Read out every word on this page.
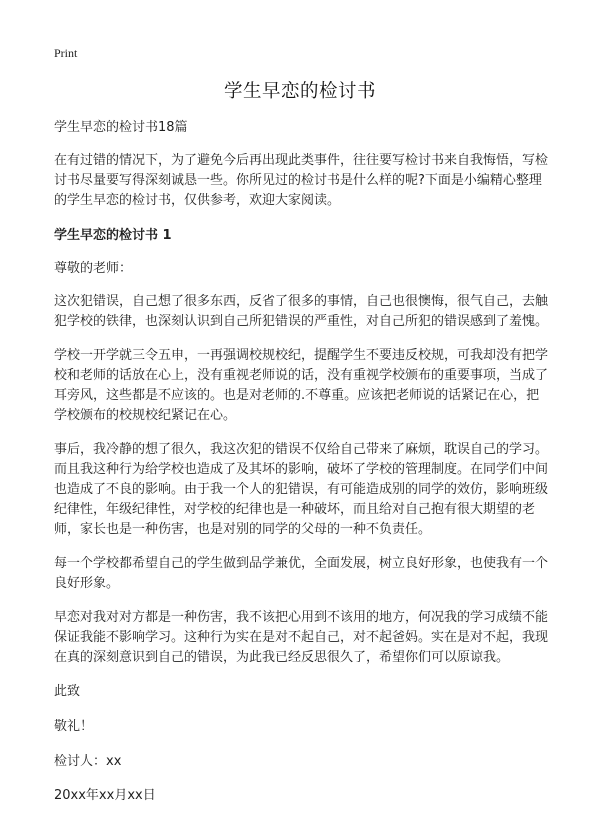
Print
学生早恋的检讨书

学生早恋的检讨书18篇

在有过错的情况下，为了避免今后再出现此类事件，往往要写检讨书来自我悔悟，写检讨书尽量要写得深刻诚恳一些。你所见过的检讨书是什么样的呢?下面是小编精心整理的学生早恋的检讨书，仅供参考，欢迎大家阅读。

学生早恋的检讨书 1

尊敬的老师：

这次犯错误，自己想了很多东西，反省了很多的事情，自己也很懊悔，很气自己，去触犯学校的铁律，也深刻认识到自己所犯错误的严重性，对自己所犯的错误感到了羞愧。

学校一开学就三令五申，一再强调校规校纪，提醒学生不要违反校规，可我却没有把学校和老师的话放在心上，没有重视老师说的话，没有重视学校颁布的重要事项，当成了耳旁风，这些都是不应该的。也是对老师的.不尊重。应该把老师说的话紧记在心，把学校颁布的校规校纪紧记在心。

事后，我冷静的想了很久，我这次犯的错误不仅给自己带来了麻烦，耽误自己的学习。而且我这种行为给学校也造成了及其坏的影响，破坏了学校的管理制度。在同学们中间也造成了不良的影响。由于我一个人的犯错误，有可能造成别的同学的效仿，影响班级纪律性，年级纪律性，对学校的纪律也是一种破坏，而且给对自己抱有很大期望的老师，家长也是一种伤害，也是对别的同学的父母的一种不负责任。

每一个学校都希望自己的学生做到品学兼优，全面发展，树立良好形象，也使我有一个良好形象。

早恋对我对对方都是一种伤害，我不该把心用到不该用的地方，何况我的学习成绩不能保证我能不影响学习。这种行为实在是对不起自己，对不起爸妈。实在是对不起，我现在真的深刻意识到自己的错误，为此我已经反思很久了，希望你们可以原谅我。

此致

敬礼！

检讨人：xx

20xx年xx月xx日
